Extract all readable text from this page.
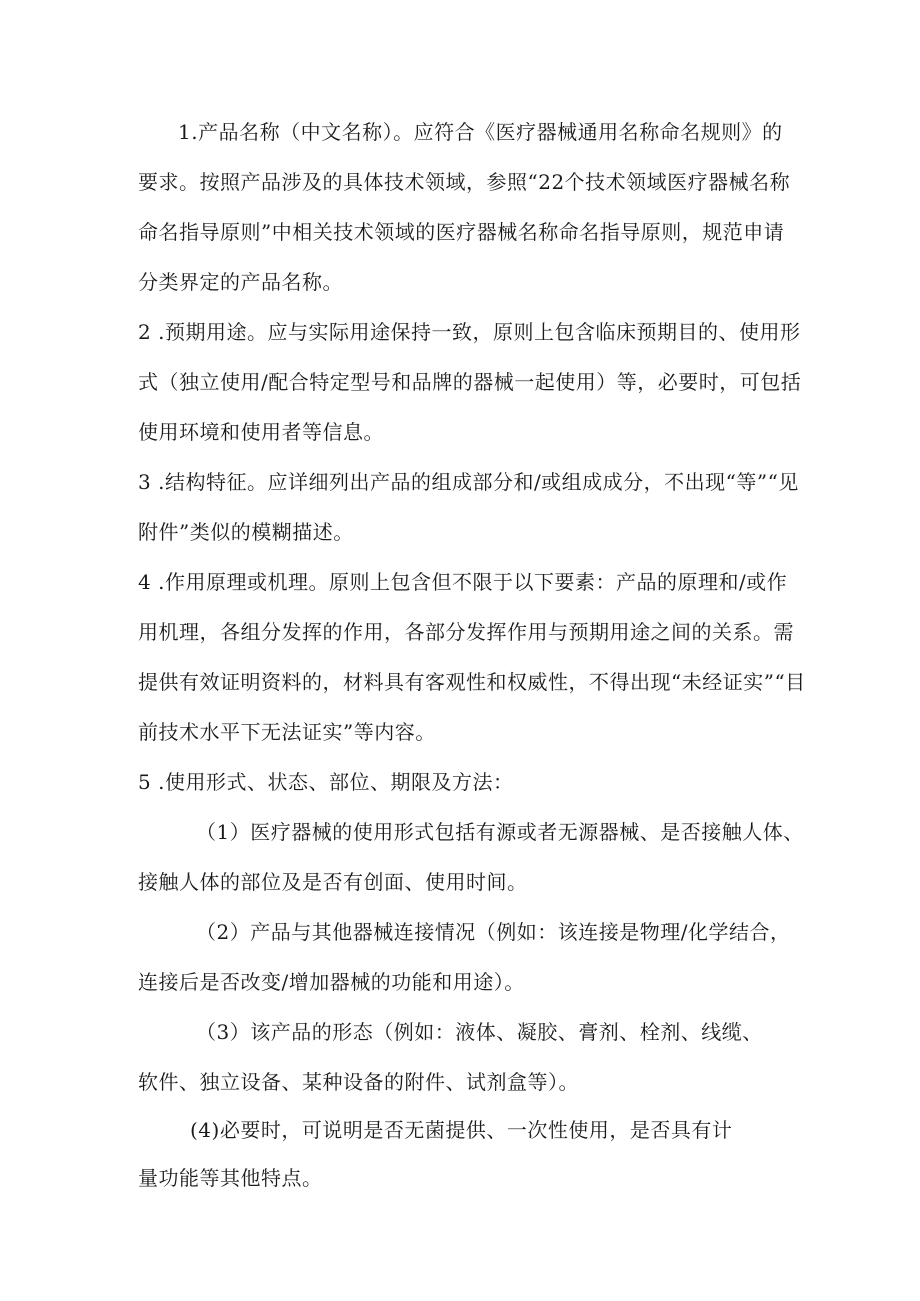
1.产品名称（中文名称）。应符合《医疗器械通用名称命名规则》的
要求。按照产品涉及的具体技术领域，参照“22个技术领域医疗器械名称
命名指导原则”中相关技术领域的医疗器械名称命名指导原则，规范申请
分类界定的产品名称。
2 .预期用途。应与实际用途保持一致，原则上包含临床预期目的、使用形
式（独立使用/配合特定型号和品牌的器械一起使用）等，必要时，可包括
使用环境和使用者等信息。
3 .结构特征。应详细列出产品的组成部分和/或组成成分，不出现“等”“见
附件”类似的模糊描述。
4 .作用原理或机理。原则上包含但不限于以下要素：产品的原理和/或作
用机理，各组分发挥的作用，各部分发挥作用与预期用途之间的关系。需
提供有效证明资料的，材料具有客观性和权威性，不得出现“未经证实”“目
前技术水平下无法证实”等内容。
5 .使用形式、状态、部位、期限及方法：
（1）医疗器械的使用形式包括有源或者无源器械、是否接触人体、
接触人体的部位及是否有创面、使用时间。
（2）产品与其他器械连接情况（例如：该连接是物理/化学结合，
连接后是否改变/增加器械的功能和用途）。
（3）该产品的形态（例如：液体、凝胶、膏剂、栓剂、线缆、
软件、独立设备、某种设备的附件、试剂盒等）。
(4)必要时，可说明是否无菌提供、一次性使用，是否具有计
量功能等其他特点。
